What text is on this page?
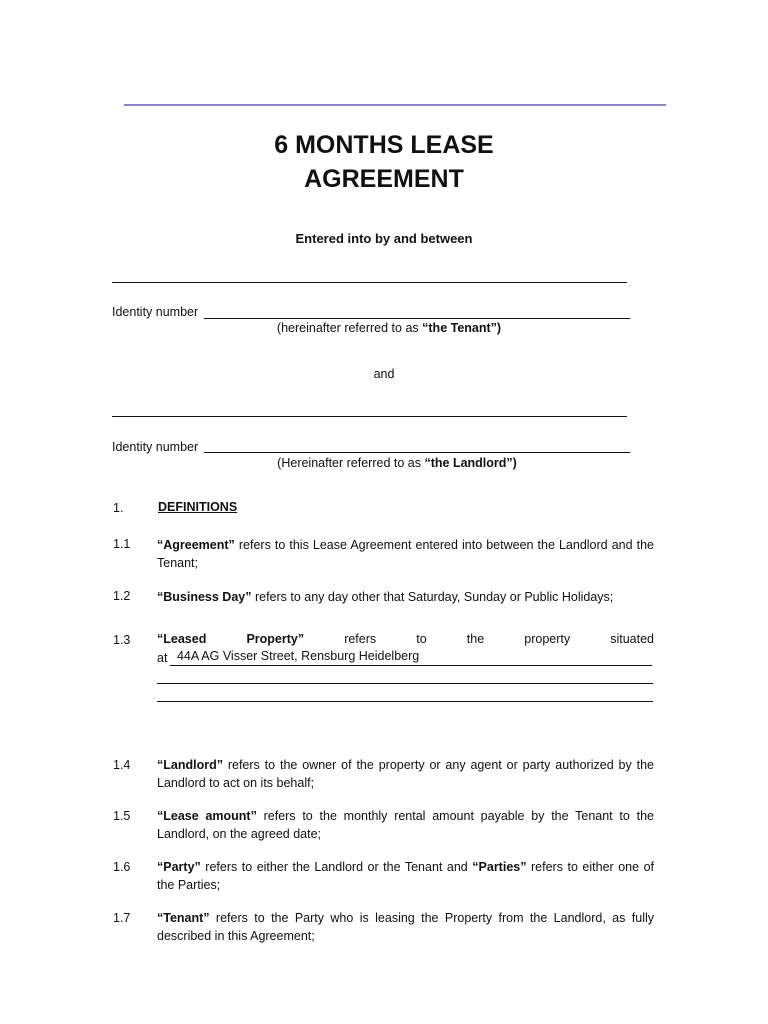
6 MONTHS LEASE
AGREEMENT
Entered into by and between
Identity number
(hereinafter referred to as “the Tenant”)
and
Identity number
(Hereinafter referred to as “the Landlord”)
1.	DEFINITIONS
1.1 “Agreement” refers to this Lease Agreement entered into between the Landlord and the Tenant;
1.2 “Business Day” refers to any day other that Saturday, Sunday or Public Holidays;
1.3 “Leased	Property”	refers	to	the	property	situated
at 44A AG Visser Street, Rensburg Heidelberg
1.4 “Landlord” refers to the owner of the property or any agent or party authorized by the Landlord to act on its behalf;
1.5 “Lease amount” refers to the monthly rental amount payable by the Tenant to the Landlord, on the agreed date;
1.6 “Party” refers to either the Landlord or the Tenant and “Parties” refers to either one of the Parties;
1.7 “Tenant” refers to the Party who is leasing the Property from the Landlord, as fully described in this Agreement;
